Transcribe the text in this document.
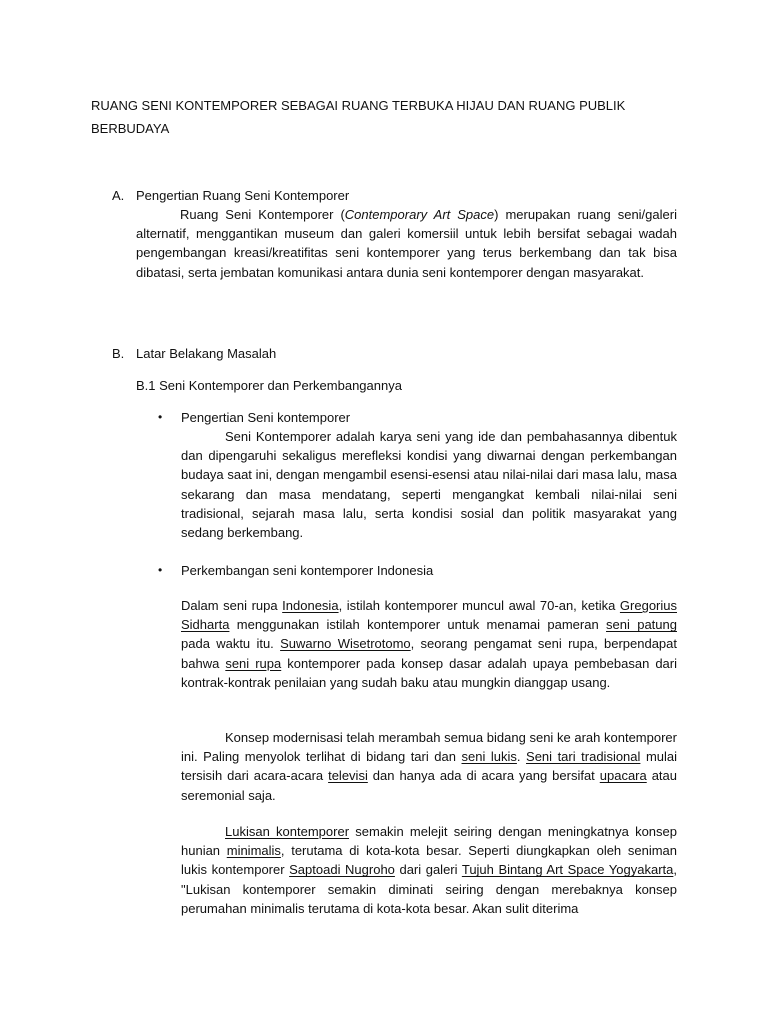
RUANG SENI KONTEMPORER SEBAGAI RUANG TERBUKA HIJAU DAN RUANG PUBLIK BERBUDAYA
A. Pengertian Ruang Seni Kontemporer
Ruang Seni Kontemporer (Contemporary Art Space) merupakan ruang seni/galeri alternatif, menggantikan museum dan galeri komersiil untuk lebih bersifat sebagai wadah pengembangan kreasi/kreatifitas seni kontemporer yang terus berkembang dan tak bisa dibatasi, serta jembatan komunikasi antara dunia seni kontemporer dengan masyarakat.
B. Latar Belakang Masalah
B.1 Seni Kontemporer dan Perkembangannya
• Pengertian Seni kontemporer
Seni Kontemporer adalah karya seni yang ide dan pembahasannya dibentuk dan dipengaruhi sekaligus merefleksi kondisi yang diwarnai dengan perkembangan budaya saat ini, dengan mengambil esensi-esensi atau nilai-nilai dari masa lalu, masa sekarang dan masa mendatang, seperti mengangkat kembali nilai-nilai seni tradisional, sejarah masa lalu, serta kondisi sosial dan politik masyarakat yang sedang berkembang.
• Perkembangan seni kontemporer Indonesia
Dalam seni rupa Indonesia, istilah kontemporer muncul awal 70-an, ketika Gregorius Sidharta menggunakan istilah kontemporer untuk menamai pameran seni patung pada waktu itu. Suwarno Wisetrotomo, seorang pengamat seni rupa, berpendapat bahwa seni rupa kontemporer pada konsep dasar adalah upaya pembebasan dari kontrak-kontrak penilaian yang sudah baku atau mungkin dianggap usang.
Konsep modernisasi telah merambah semua bidang seni ke arah kontemporer ini. Paling menyolok terlihat di bidang tari dan seni lukis. Seni tari tradisional mulai tersisih dari acara-acara televisi dan hanya ada di acara yang bersifat upacara atau seremonial saja.
Lukisan kontemporer semakin melejit seiring dengan meningkatnya konsep hunian minimalis, terutama di kota-kota besar. Seperti diungkapkan oleh seniman lukis kontemporer Saptoadi Nugroho dari galeri Tujuh Bintang Art Space Yogyakarta, "Lukisan kontemporer semakin diminati seiring dengan merebaknya konsep perumahan minimalis terutama di kota-kota besar. Akan sulit diterima
